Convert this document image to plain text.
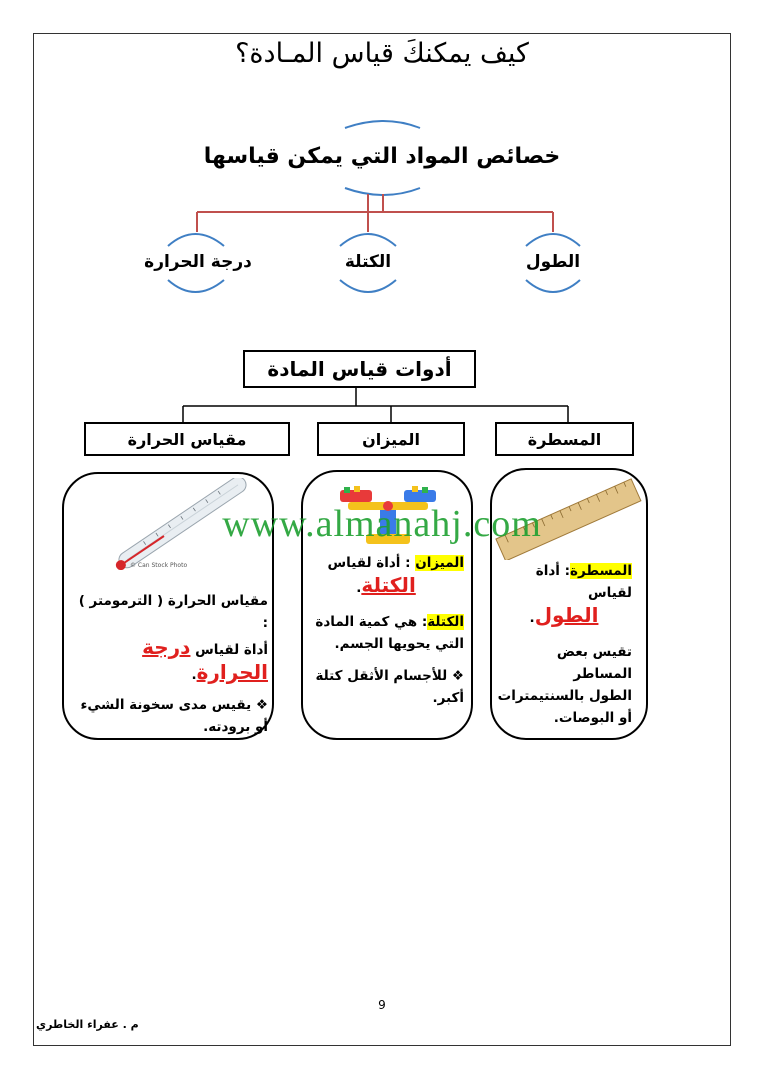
كيف يمكنكَ قياس المـادة؟
خصائص المواد التي يمكن قياسها
درجة الحرارة	الكتلة	الطول
أدوات قياس المادة
مقياس الحرارة	الميزان	المسطرة
© Can Stock Photo
مقياس الحرارة ( الترمومتر ) :
أداة لقياس درجة الحرارة.
❖ يقيس مدى سخونة الشيء
أو برودته.
الميزان : أداة لقياس
الكتلة.
الكتلة: هي كمية المادة
التي يحويها الجسم.
❖ للأجسام الأثقل كتلة
أكبر.
المسطرة: أداة لقياس
الطول.
تقيس بعض المساطر
الطول بالسنتيمترات
أو البوصات.
www.almanahj.com
9
م . عفراء الخاطري
